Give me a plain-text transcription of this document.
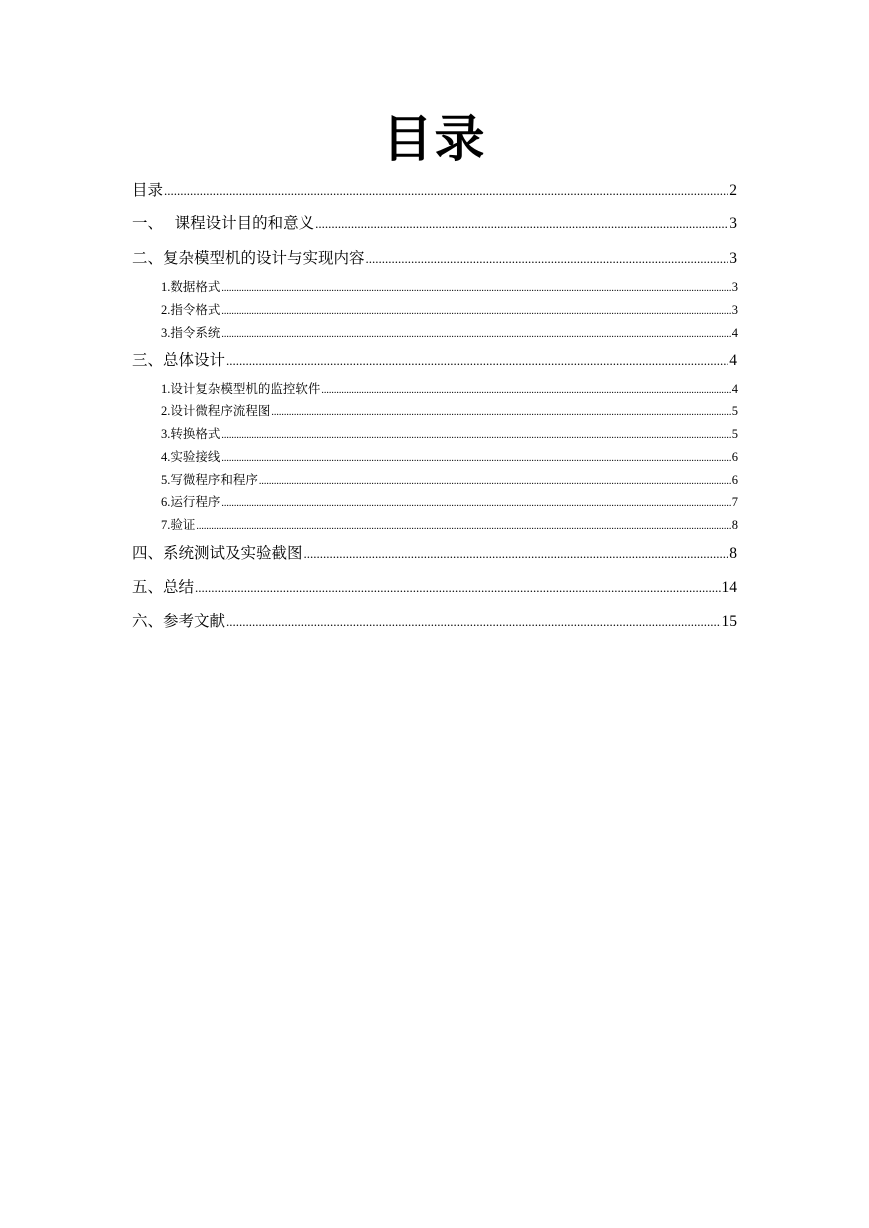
目录
目录 .....	2
一、   课程设计目的和意义 .....	3
二、复杂模型机的设计与实现内容 .....	3
1.数据格式 .....	3
2.指令格式 .....	3
3.指令系统 .....	4
三、总体设计 .....	4
1.设计复杂模型机的监控软件 .....	4
2.设计微程序流程图 .....	5
3.转换格式 .....	5
4.实验接线 .....	6
5.写微程序和程序 .....	6
6.运行程序 .....	7
7.验证 .....	8
四、系统测试及实验截图 .....	8
五、总结 .....	14
六、参考文献 .....	15
